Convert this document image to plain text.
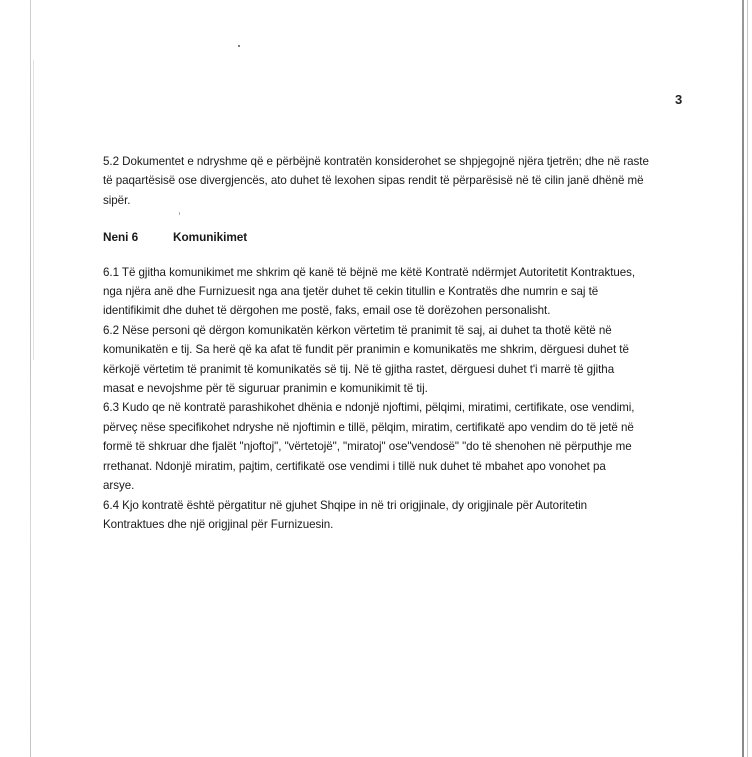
3

5.2 Dokumentet e ndryshme që e përbëjnë kontratën konsiderohet se shpjegojnë njëra tjetrën; dhe në raste
të paqartësisë ose divergjencës, ato duhet të lexohen sipas rendit të përparësisë në të cilin janë dhënë më
sipër.

Neni 6	Komunikimet

6.1 Të gjitha komunikimet me shkrim që kanë të bëjnë me këtë Kontratë ndërmjet Autoritetit Kontraktues,
nga njëra anë dhe Furnizuesit nga ana tjetër duhet të cekin titullin e Kontratës dhe numrin e saj të
identifikimit dhe duhet të dërgohen me postë, faks, email ose të dorëzohen personalisht.

6.2 Nëse personi që dërgon komunikatën kërkon vërtetim të pranimit të saj, ai duhet ta thotë këtë në
komunikatën e tij. Sa herë që ka afat të fundit për pranimin e komunikatës me shkrim, dërguesi duhet të
kërkojë vërtetim të pranimit të komunikatës së tij. Në të gjitha rastet, dërguesi duhet t'i marrë të gjitha
masat e nevojshme për të siguruar pranimin e komunikimit të tij.

6.3 Kudo qe në kontratë parashikohet dhënia e ndonjë njoftimi, pëlqimi, miratimi, certifikate, ose vendimi,
përveç nëse specifikohet ndryshe në njoftimin e tillë, pëlqim, miratim, certifikatë apo vendim do të jetë në
formë të shkruar dhe fjalët "njoftoj", "vërtetojë", "miratoj" ose"vendosë" "do të shenohen në përputhje me
rrethanat. Ndonjë miratim, pajtim, certifikatë ose vendimi i tillë nuk duhet të mbahet apo vonohet pa
arsye.

6.4 Kjo kontratë është përgatitur në gjuhet Shqipe in në tri origjinale, dy origjinale për Autoritetin
Kontraktues dhe një origjinal për Furnizuesin.
